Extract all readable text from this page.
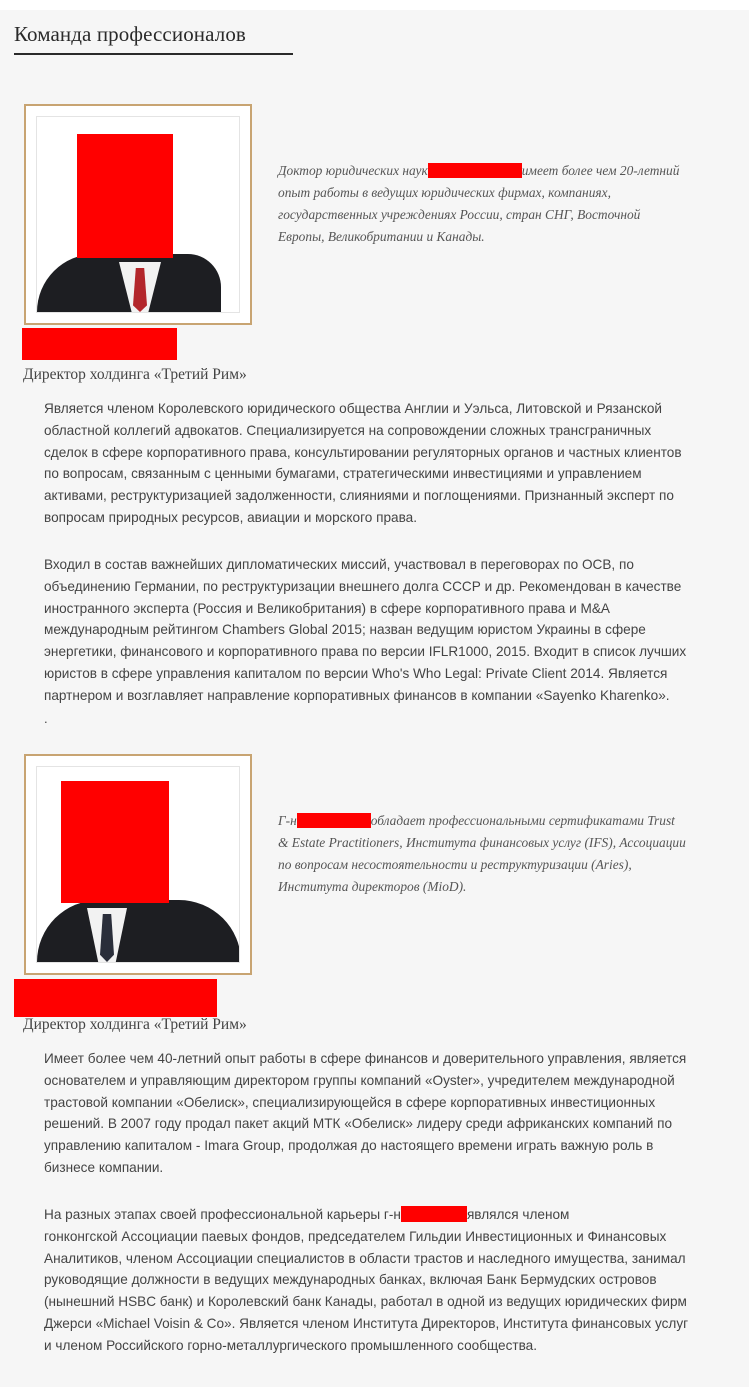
Команда профессионалов

Доктор юридических наук	имеет более чем 20-летний опыт работы в ведущих юридических фирмах, компаниях, государственных учреждениях России, стран СНГ, Восточной Европы, Великобритании и Канады.

Директор холдинга «Третий Рим»

Является членом Королевского юридического общества Англии и Уэльса, Литовской и Рязанской
областной коллегий адвокатов. Специализируется на сопровождении сложных трансграничных
сделок в сфере корпоративного права, консультировании регуляторных органов и частных клиентов
по вопросам, связанным с ценными бумагами, стратегическими инвестициями и управлением
активами, реструктуризацией задолженности, слияниями и поглощениями. Признанный эксперт по
вопросам природных ресурсов, авиации и морского права.

Входил в состав важнейших дипломатических миссий, участвовал в переговорах по ОСВ, по
объединению Германии, по реструктуризации внешнего долга СССР и др. Рекомендован в качестве
иностранного эксперта (Россия и Великобритания) в сфере корпоративного права и M&A
международным рейтингом Chambers Global 2015; назван ведущим юристом Украины в сфере
энергетики, финансового и корпоративного права по версии IFLR1000, 2015. Входит в список лучших
юристов в сфере управления капиталом по версии Who's Who Legal: Private Client 2014. Является
партнером и возглавляет направление корпоративных финансов в компании «Sayenko Kharenko».

.

Г-н	обладает профессиональными сертификатами Trust & Estate Practitioners, Института финансовых услуг (IFS), Ассоциации по вопросам несостоятельности и реструктуризации (Aries), Института директоров (MioD).

Директор холдинга «Третий Рим»

Имеет более чем 40-летний опыт работы в сфере финансов и доверительного управления, является
основателем и управляющим директором группы компаний «Oyster», учредителем международной
трастовой компании «Обелиск», специализирующейся в сфере корпоративных инвестиционных
решений. В 2007 году продал пакет акций МТК «Обелиск» лидеру среди африканских компаний по
управлению капиталом - Imara Group, продолжая до настоящего времени играть важную роль в
бизнесе компании.

На разных этапах своей профессиональной карьеры г-н	являлся членом
гонконгской Ассоциации паевых фондов, председателем Гильдии Инвестиционных и Финансовых
Аналитиков, членом Ассоциации специалистов в области трастов и наследного имущества, занимал
руководящие должности в ведущих международных банках, включая Банк Бермудских островов
(нынешний HSBC банк) и Королевский банк Канады, работал в одной из ведущих юридических фирм
Джерси «Michael Voisin & Co». Является членом Института Директоров, Института финансовых услуг
и членом Российского горно-металлургического промышленного сообщества.
